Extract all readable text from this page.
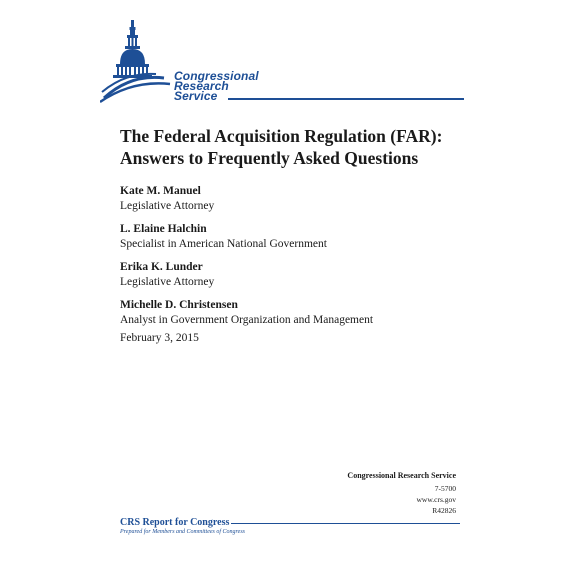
Congressional
Research
Service
The Federal Acquisition Regulation (FAR):
Answers to Frequently Asked Questions
Kate M. Manuel
Legislative Attorney
L. Elaine Halchin
Specialist in American National Government
Erika K. Lunder
Legislative Attorney
Michelle D. Christensen
Analyst in Government Organization and Management
February 3, 2015
Congressional Research Service
7-5700
www.crs.gov
R42826
CRS Report for Congress
Prepared for Members and Committees of Congress
